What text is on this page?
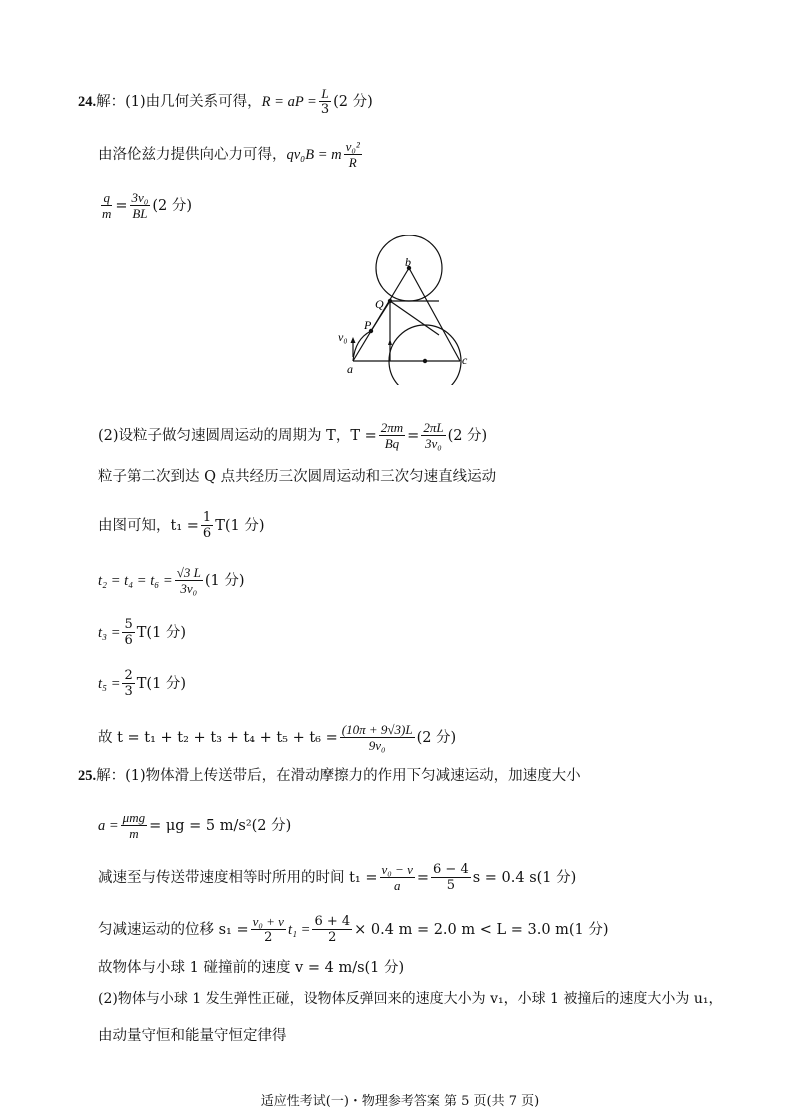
24. 解：(1)由几何关系可得， R = aP = $\frac{L}{3} (2$ 分)
由洛伦兹力提供向心力可得， qv₀B = m $\frac{\text{v₀²}}{R}$
$\frac{q}{m} = \frac{\text{3v₀}}{BL} (2$ 分)
b
Q
P
v₀
a
c
(2)设粒子做匀速圆周运动的周期为 T，$T = \frac{2\pi m}{Bq} = \frac{2\pi L}{\text{3v₀}} (2$ 分)
粒子第二次到达 Q 点共经历三次圆周运动和三次匀速直线运动
由图可知，$t_1 = \frac{1}{6} T(1$ 分)
$t_2 = t_4 = t_6 = \frac{√3 L}{\text{3v₀}} (1$ 分)
$t_3 = \frac{5}{6} T(1$ 分)
$t_5 = \frac{2}{3} T(1$ 分)
故 $t = t_1 + t_2 + t_3 + t_4 + t_5 + t_6 = \frac{(10\pi + 9√3)L}{\text{9v₀}} (2$ 分)
25. 解：(1)物体滑上传送带后，在滑动摩擦力的作用下匀减速运动，加速度大小
a = μmg
m = μg = 5 m/s²(2 分)
减速至与传送带速度相等时所用的时间 $t_1 = \frac{\text{v₀ − v}}{a} = \frac{6 - 4}{5}$ s = 0.4 s(1 分)
匀减速运动的位移 $s_1 = \frac{\text{v₀ + v}}{2} t_1 = \frac{6 + 4}{2} \times 0.4$ m = 2.0 m < L = 3.0 m(1 分)
故物体与小球 1 碰撞前的速度 v = 4 m/s(1 分)
(2)物体与小球 1 发生弹性正碰，设物体反弹回来的速度大小为 v₁，小球 1 被撞后的速度大小为 u₁，
由动量守恒和能量守恒定律得
适应性考试(一)・物理参考答案 第 5 页(共 7 页)
